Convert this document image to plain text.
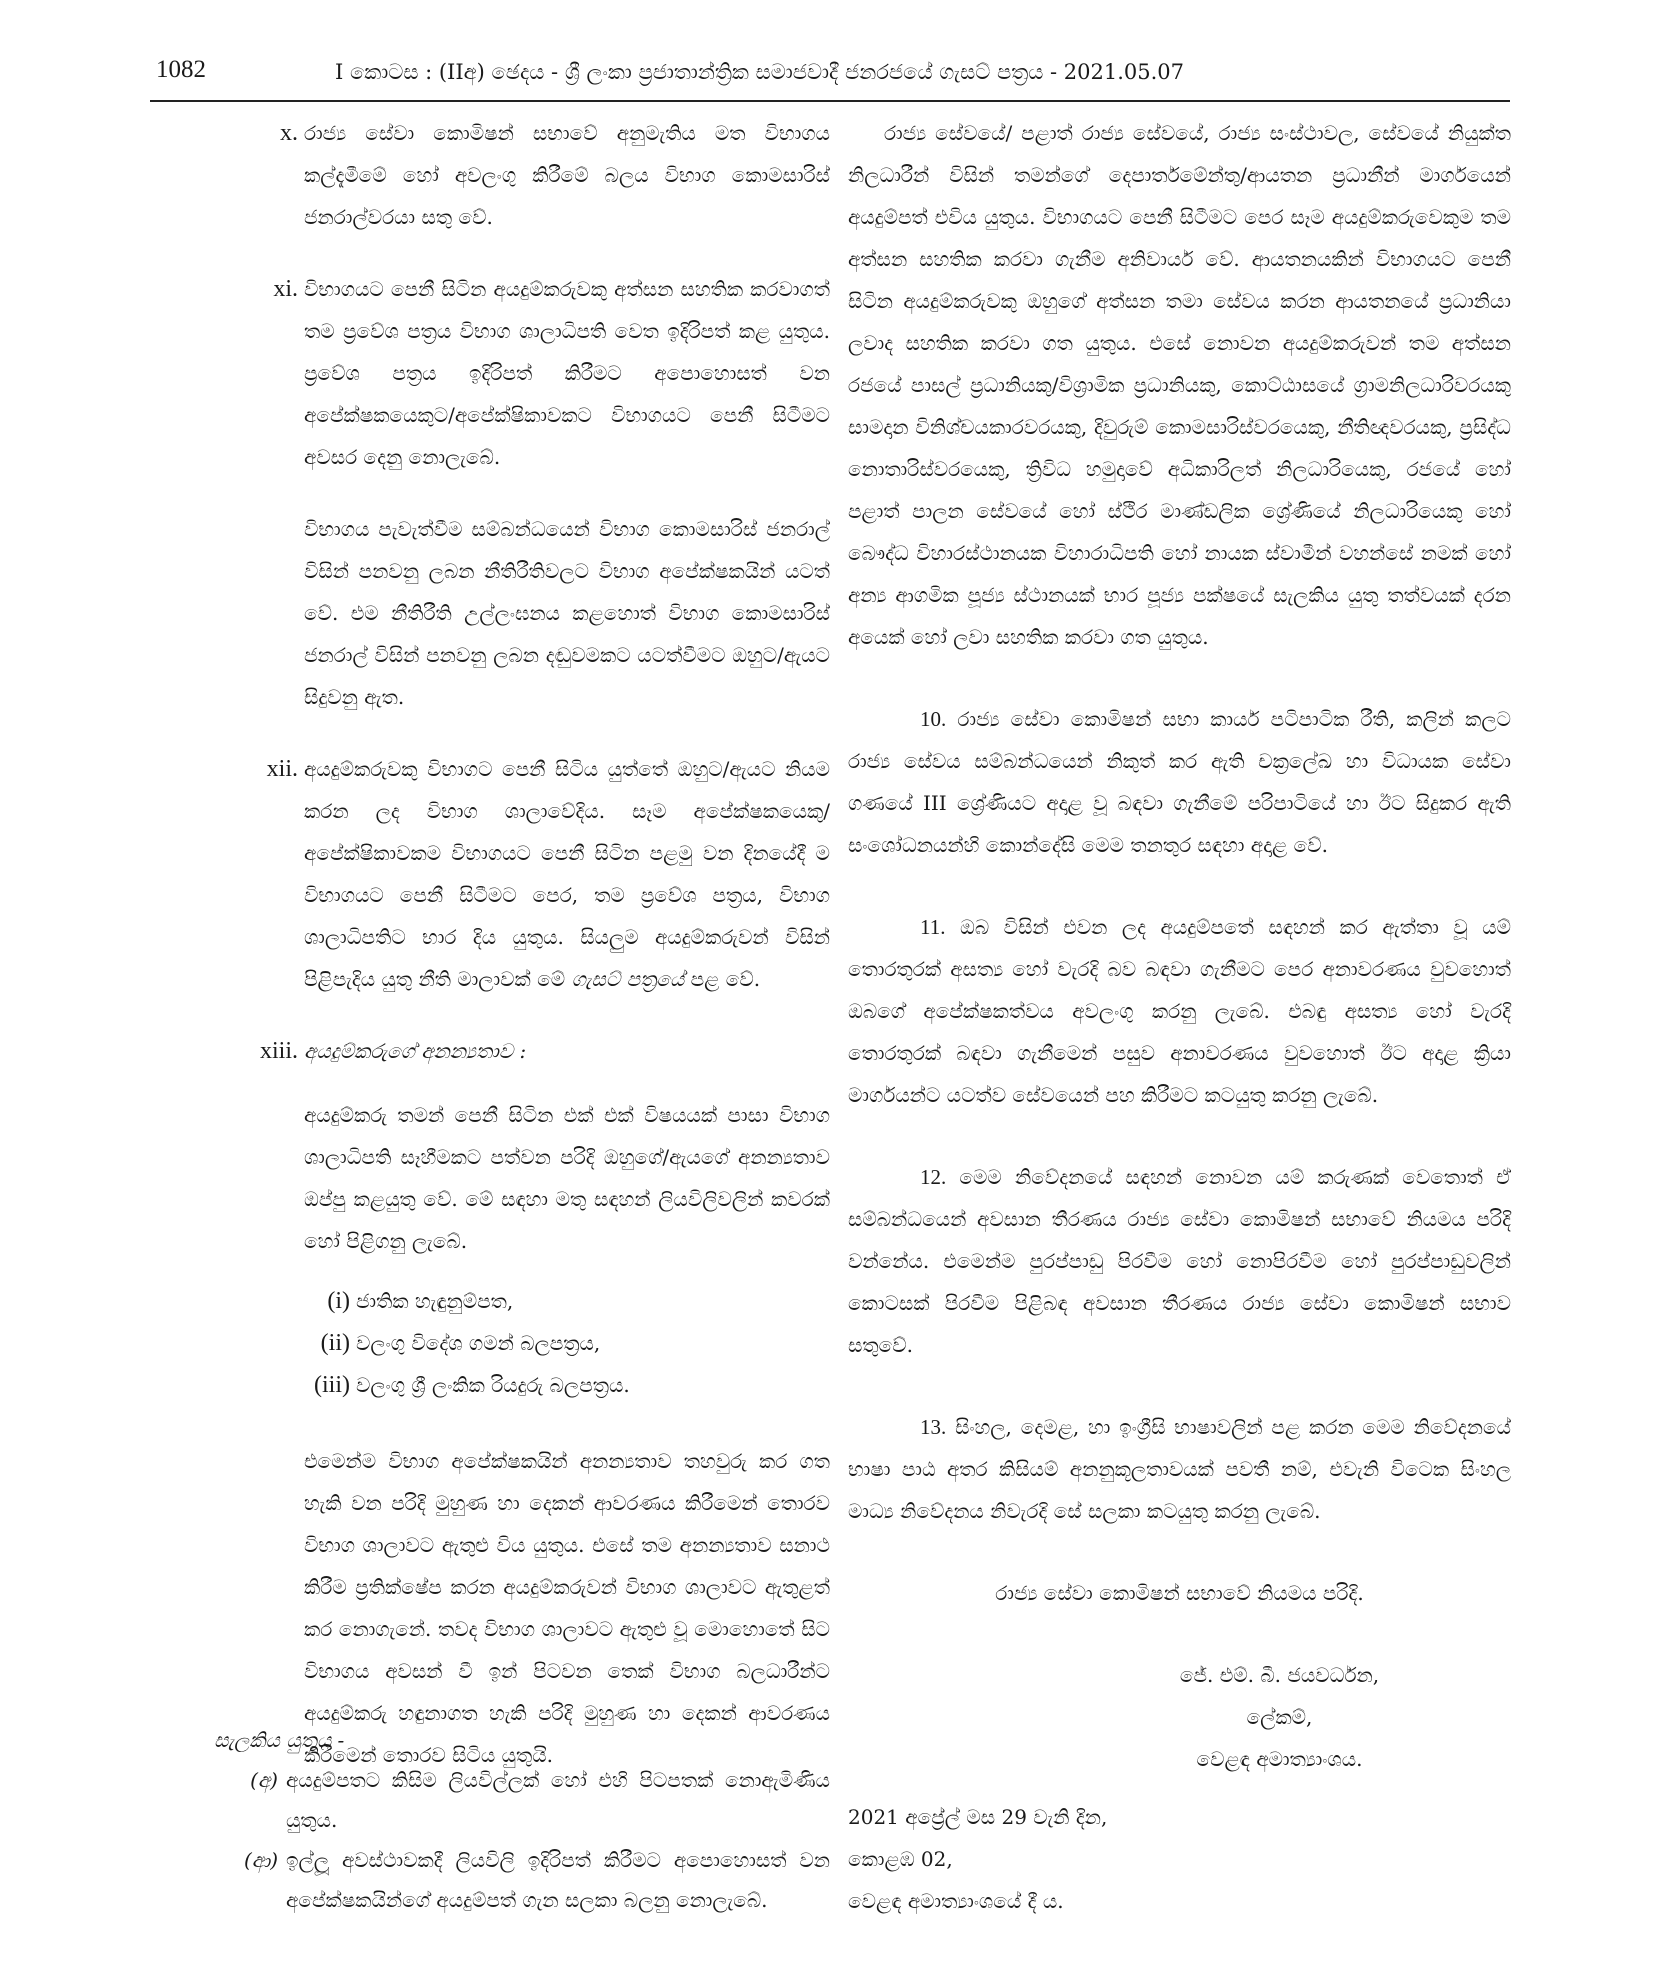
1082	I කොටස : (IIඅ) ඡෙදය - ශ්‍රී ලංකා ප්‍රජාතාන්ත්‍රික සමාජවාදී ජනරජයේ ගැසට් පත්‍රය - 2021.05.07
x. රාජ්‍ය සේවා කොමිෂන් සභාවේ අනුමැතිය මත විභාගය කල්දැමීමේ හෝ අවලංගු කිරීමේ බලය විභාග කොමසාරිස් ජනරාල්වරයා සතු වේ.

xi. විභාගයට පෙනී සිටින අයදුම්කරුවකු අත්සන සහතික කරවාගත් තම ප්‍රවේශ පත්‍රය විභාග ශාලාධිපති වෙත ඉදිරිපත් කළ යුතුය. ප්‍රවේශ පත්‍රය ඉදිරිපත් කිරීමට අපොහොසත් වන අපේක්ෂකයෙකුට/අපේක්ෂිකාවකට විභාගයට පෙනී සිටීමට අවසර දෙනු නොලැබේ.

විභාගය පැවැත්වීම සම්බන්ධයෙන් විභාග කොමසාරිස් ජනරාල් විසින් පනවනු ලබන නීතිරීතිවලට විභාග අපේක්ෂකයින් යටත් වේ. එම නීතිරීති උල්ලංඝනය කළහොත් විභාග කොමසාරිස් ජනරාල් විසින් පනවනු ලබන දඬුවමකට යටත්වීමට ඔහුට/ඇයට සිදුවනු ඇත.

xii. අයදුම්කරුවකු විභාගට පෙනී සිටිය යුත්තේ ඔහුට/ඇයට නියම කරන ලද විභාග ශාලාවේදිය. සෑම අපේක්ෂකයෙකු/අපේක්ෂිකාවකම විභාගයට පෙනී සිටින පළමු වන දිනයේදී ම විභාගයට පෙනී සිටීමට පෙර, තම ප්‍රවේශ පත්‍රය, විභාග ශාලාධිපතිට භාර දිය යුතුය. සියලුම අයදුම්කරුවන් විසින් පිළිපැදිය යුතු නීති මාලාවක් මේ ගැසට් පත්‍රයේ පළ වේ.

xiii. අයදුම්කරුගේ අනන්‍යතාව :

අයදුම්කරු තමන් පෙනී සිටින එක් එක් විෂයයක් පාසා විභාග ශාලාධිපති සෑහීමකට පත්වන පරිදි ඔහුගේ/ඇයගේ අනන්‍යතාව ඔප්පු කළයුතු වේ. මේ සඳහා මතු සඳහන් ලියවිලිවලින් කවරක් හෝ පිළිගනු ලැබේ.

(i) ජාතික හැඳුනුම්පත,
(ii) වලංගු විදේශ ගමන් බලපත්‍රය,
(iii) වලංගු ශ්‍රී ලංකික රියදුරු බලපත්‍රය.

එමෙන්ම විභාග අපේක්ෂකයින් අනන්‍යතාව තහවුරු කර ගත හැකි වන පරිදි මුහුණ හා දෙකන් ආවරණය කිරීමෙන් තොරව විභාග ශාලාවට ඇතුළු විය යුතුය. එසේ තම අනන්‍යතාව සනාථ කිරීම ප්‍රතික්ෂේප කරන අයදුම්කරුවන් විභාග ශාලාවට ඇතුළත් කර නොගැනේ. තවද විභාග ශාලාවට ඇතුළු වූ මොහොතේ සිට විභාගය අවසන් වී ඉන් පිටවන තෙක් විභාග බලධාරීන්ට අයදුම්කරු හඳුනාගත හැකි පරිදි මුහුණ හා දෙකන් ආවරණය කිරීමෙන් තොරව සිටිය යුතුයි.

සැලකිය යුතුය -
(අ) අයදුම්පතට කිසිම ලියවිල්ලක් හෝ එහි පිටපතක් නොඇමිණිය යුතුය.
(ආ) ඉල්ලූ අවස්ථාවකදී ලියවිලි ඉදිරිපත් කිරීමට අපොහොසත් වන අපේක්ෂකයින්ගේ අයදුම්පත් ගැන සලකා බලනු නොලැබේ.

රාජ්‍ය සේවයේ/ පළාත් රාජ්‍ය සේවයේ, රාජ්‍ය සංස්ථාවල, සේවයේ නියුක්ත නිලධාරීන් විසින් තමන්ගේ දෙපාර්තමේන්තු/ආයතන ප්‍රධානීන් මාර්ගයෙන් අයදුම්පත් එවිය යුතුය. විභාගයට පෙනී සිටීමට පෙර සෑම අයදුම්කරුවෙකුම තම අත්සන සහතික කරවා ගැනීම අනිවාර්ය වේ. ආයතනයකින් විභාගයට පෙනී සිටින අයදුම්කරුවකු ඔහුගේ අත්සන තමා සේවය කරන ආයතනයේ ප්‍රධානියා ලවාද සහතික කරවා ගත යුතුය. එසේ නොවන අයදුම්කරුවන් තම අත්සන රජයේ පාසල් ප්‍රධානියකු/විශ්‍රාමික ප්‍රධානියකු, කොට්ඨාසයේ ග්‍රාමනිලධාරිවරයකු සාමදාන විනිශ්චයකාරවරයකු, දිවුරුම් කොමසාරිස්වරයෙකු, නීතිඥවරයකු, ප්‍රසිද්ධ නොතාරිස්වරයෙකු, ත්‍රිවිධ හමුදාවේ අධිකාරිලත් නිලධාරියෙකු, රජයේ හෝ පළාත් පාලන සේවයේ හෝ ස්ථිර මාණ්ඩලික ශ්‍රේණියේ නිලධාරියෙකු හෝ බෞද්ධ විහාරස්ථානයක විහාරාධිපති හෝ නායක ස්වාමීන් වහන්සේ නමක් හෝ අන්‍ය ආගමික පූජ්‍ය ස්ථානයක් භාර පූජ්‍ය පක්ෂයේ සැලකිය යුතු තත්වයක් දරන අයෙක් හෝ ලවා සහතික කරවා ගත යුතුය.

10. රාජ්‍ය සේවා කොමිෂන් සභා කාර්ය පටිපාටික රීති, කලින් කලට රාජ්‍ය සේවය සම්බන්ධයෙන් නිකුත් කර ඇති චක්‍රලේඛ හා විධායක සේවා ගණයේ III ශ්‍රේණියට අදාළ වූ බඳවා ගැනීමේ පරිපාටියේ හා ඊට සිදුකර ඇති සංශෝධනයන්හි කොන්දේසි මෙම තනතුර සඳහා අදාළ වේ.

11. ඔබ විසින් එවන ලද අයදුම්පතේ සඳහන් කර ඇත්තා වූ යම් තොරතුරක් අසත්‍ය හෝ වැරදි බව බඳවා ගැනීමට පෙර අනාවරණය වුවහොත් ඔබගේ අපේක්ෂකත්වය අවලංගු කරනු ලැබේ. එබඳු අසත්‍ය හෝ වැරදි තොරතුරක් බඳවා ගැනීමෙන් පසුව අනාවරණය වුවහොත් ඊට අදාළ ක්‍රියා මාර්ගයන්ට යටත්ව සේවයෙන් පහ කිරීමට කටයුතු කරනු ලැබේ.

12. මෙම නිවේදනයේ සඳහන් නොවන යම් කරුණක් වෙතොත් ඒ සම්බන්ධයෙන් අවසාන තීරණය රාජ්‍ය සේවා කොමිෂන් සභාවේ නියමය පරිදි වන්නේය. එමෙන්ම පුරප්පාඩු පිරවීම හෝ නොපිරවීම හෝ පුරප්පාඩුවලින් කොටසක් පිරවීම පිළිබඳ අවසාන තීරණය රාජ්‍ය සේවා කොමිෂන් සභාව සතුවේ.

13. සිංහල, දෙමළ, හා ඉංග්‍රීසි භාෂාවලින් පළ කරන මෙම නිවේදනයේ භාෂා පාඨ අතර කිසියම් අනනුකූලතාවයක් පවතී නම්, එවැනි විටෙක සිංහල මාධ්‍ය නිවේදනය නිවැරදි සේ සලකා කටයුතු කරනු ලැබේ.

රාජ්‍ය සේවා කොමිෂන් සභාවේ නියමය පරිදි.

ජේ. එම්. බී. ජයවර්ධන,
ලේකම්,
වෙළඳ අමාත්‍යාංශය.
2021 අප්‍රේල් මස 29 වැනි දින,
කොළඹ 02,
වෙළඳ අමාත්‍යාංශයේ දී ය.
